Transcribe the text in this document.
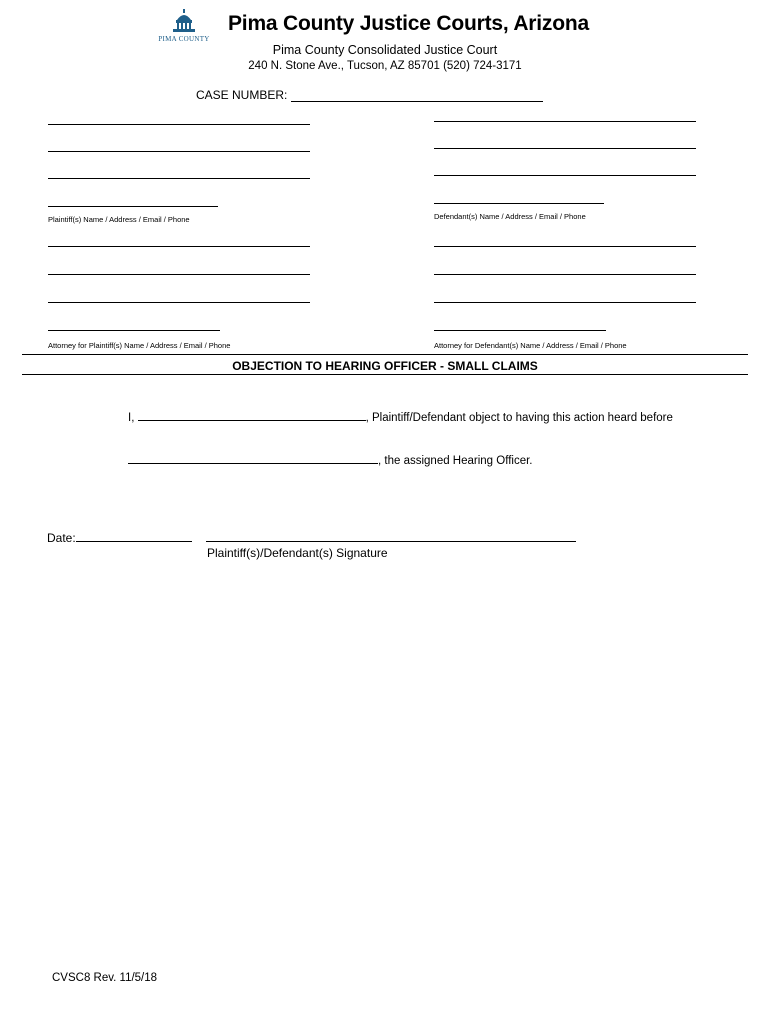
PIMA COUNTY
Pima County Justice Courts, Arizona
Pima County Consolidated Justice Court
240 N. Stone Ave., Tucson, AZ 85701 (520) 724-3171
CASE NUMBER:
Plaintiff(s) Name / Address / Email / Phone	Defendant(s) Name / Address / Email / Phone
Attorney for Plaintiff(s) Name / Address / Email / Phone	Attorney for Defendant(s) Name / Address / Email / Phone
OBJECTION TO HEARING OFFICER - SMALL CLAIMS
I,	, Plaintiff/Defendant object to having this action heard before
, the assigned Hearing Officer.
Date:
Plaintiff(s)/Defendant(s) Signature
CVSC8 Rev. 11/5/18
